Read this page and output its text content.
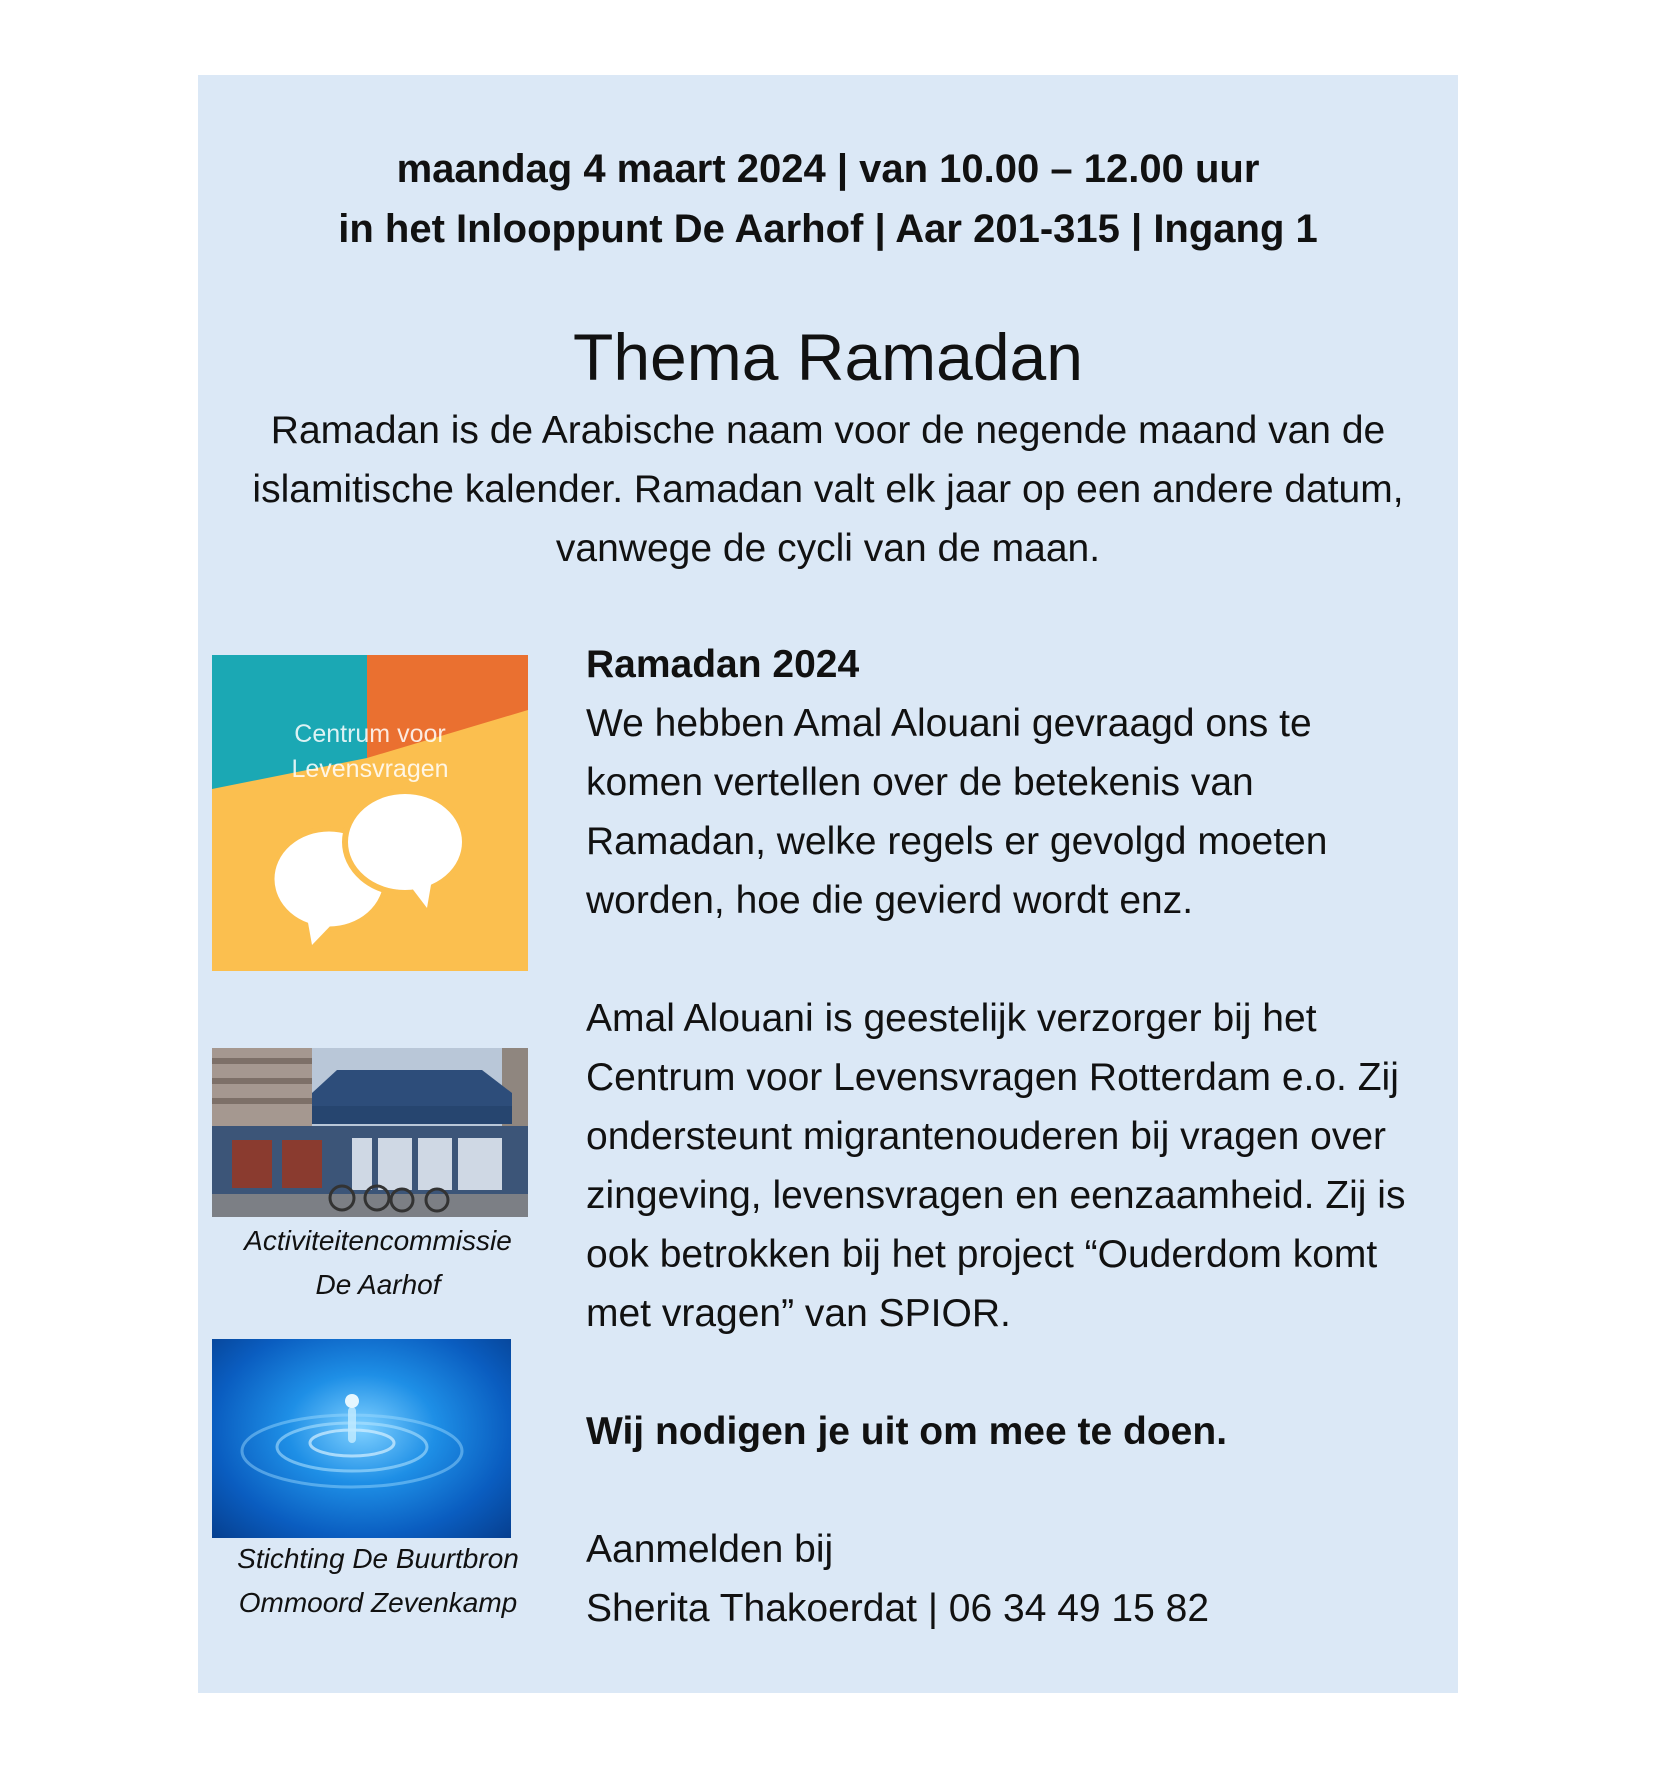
maandag 4 maart 2024 | van 10.00 – 12.00 uur
in het Inlooppunt De Aarhof | Aar 201-315 | Ingang 1
Thema Ramadan
Ramadan is de Arabische naam voor de negende maand van de
islamitische kalender. Ramadan valt elk jaar op een andere datum,
vanwege de cycli van de maan.
Centrum voor
Levensvragen
Activiteitencommissie
De Aarhof
Stichting De Buurtbron
Ommoord Zevenkamp

Ramadan 2024

We hebben Amal Alouani gevraagd ons te

komen vertellen over de betekenis van

Ramadan, welke regels er gevolgd moeten

worden, hoe die gevierd wordt enz.

Amal Alouani is geestelijk verzorger bij het

Centrum voor Levensvragen Rotterdam e.o. Zij

ondersteunt migrantenouderen bij vragen over

zingeving, levensvragen en eenzaamheid. Zij is

ook betrokken bij het project “Ouderdom komt

met vragen” van SPIOR.

Wij nodigen je uit om mee te doen.

Aanmelden bij

Sherita Thakoerdat | 06 34 49 15 82
